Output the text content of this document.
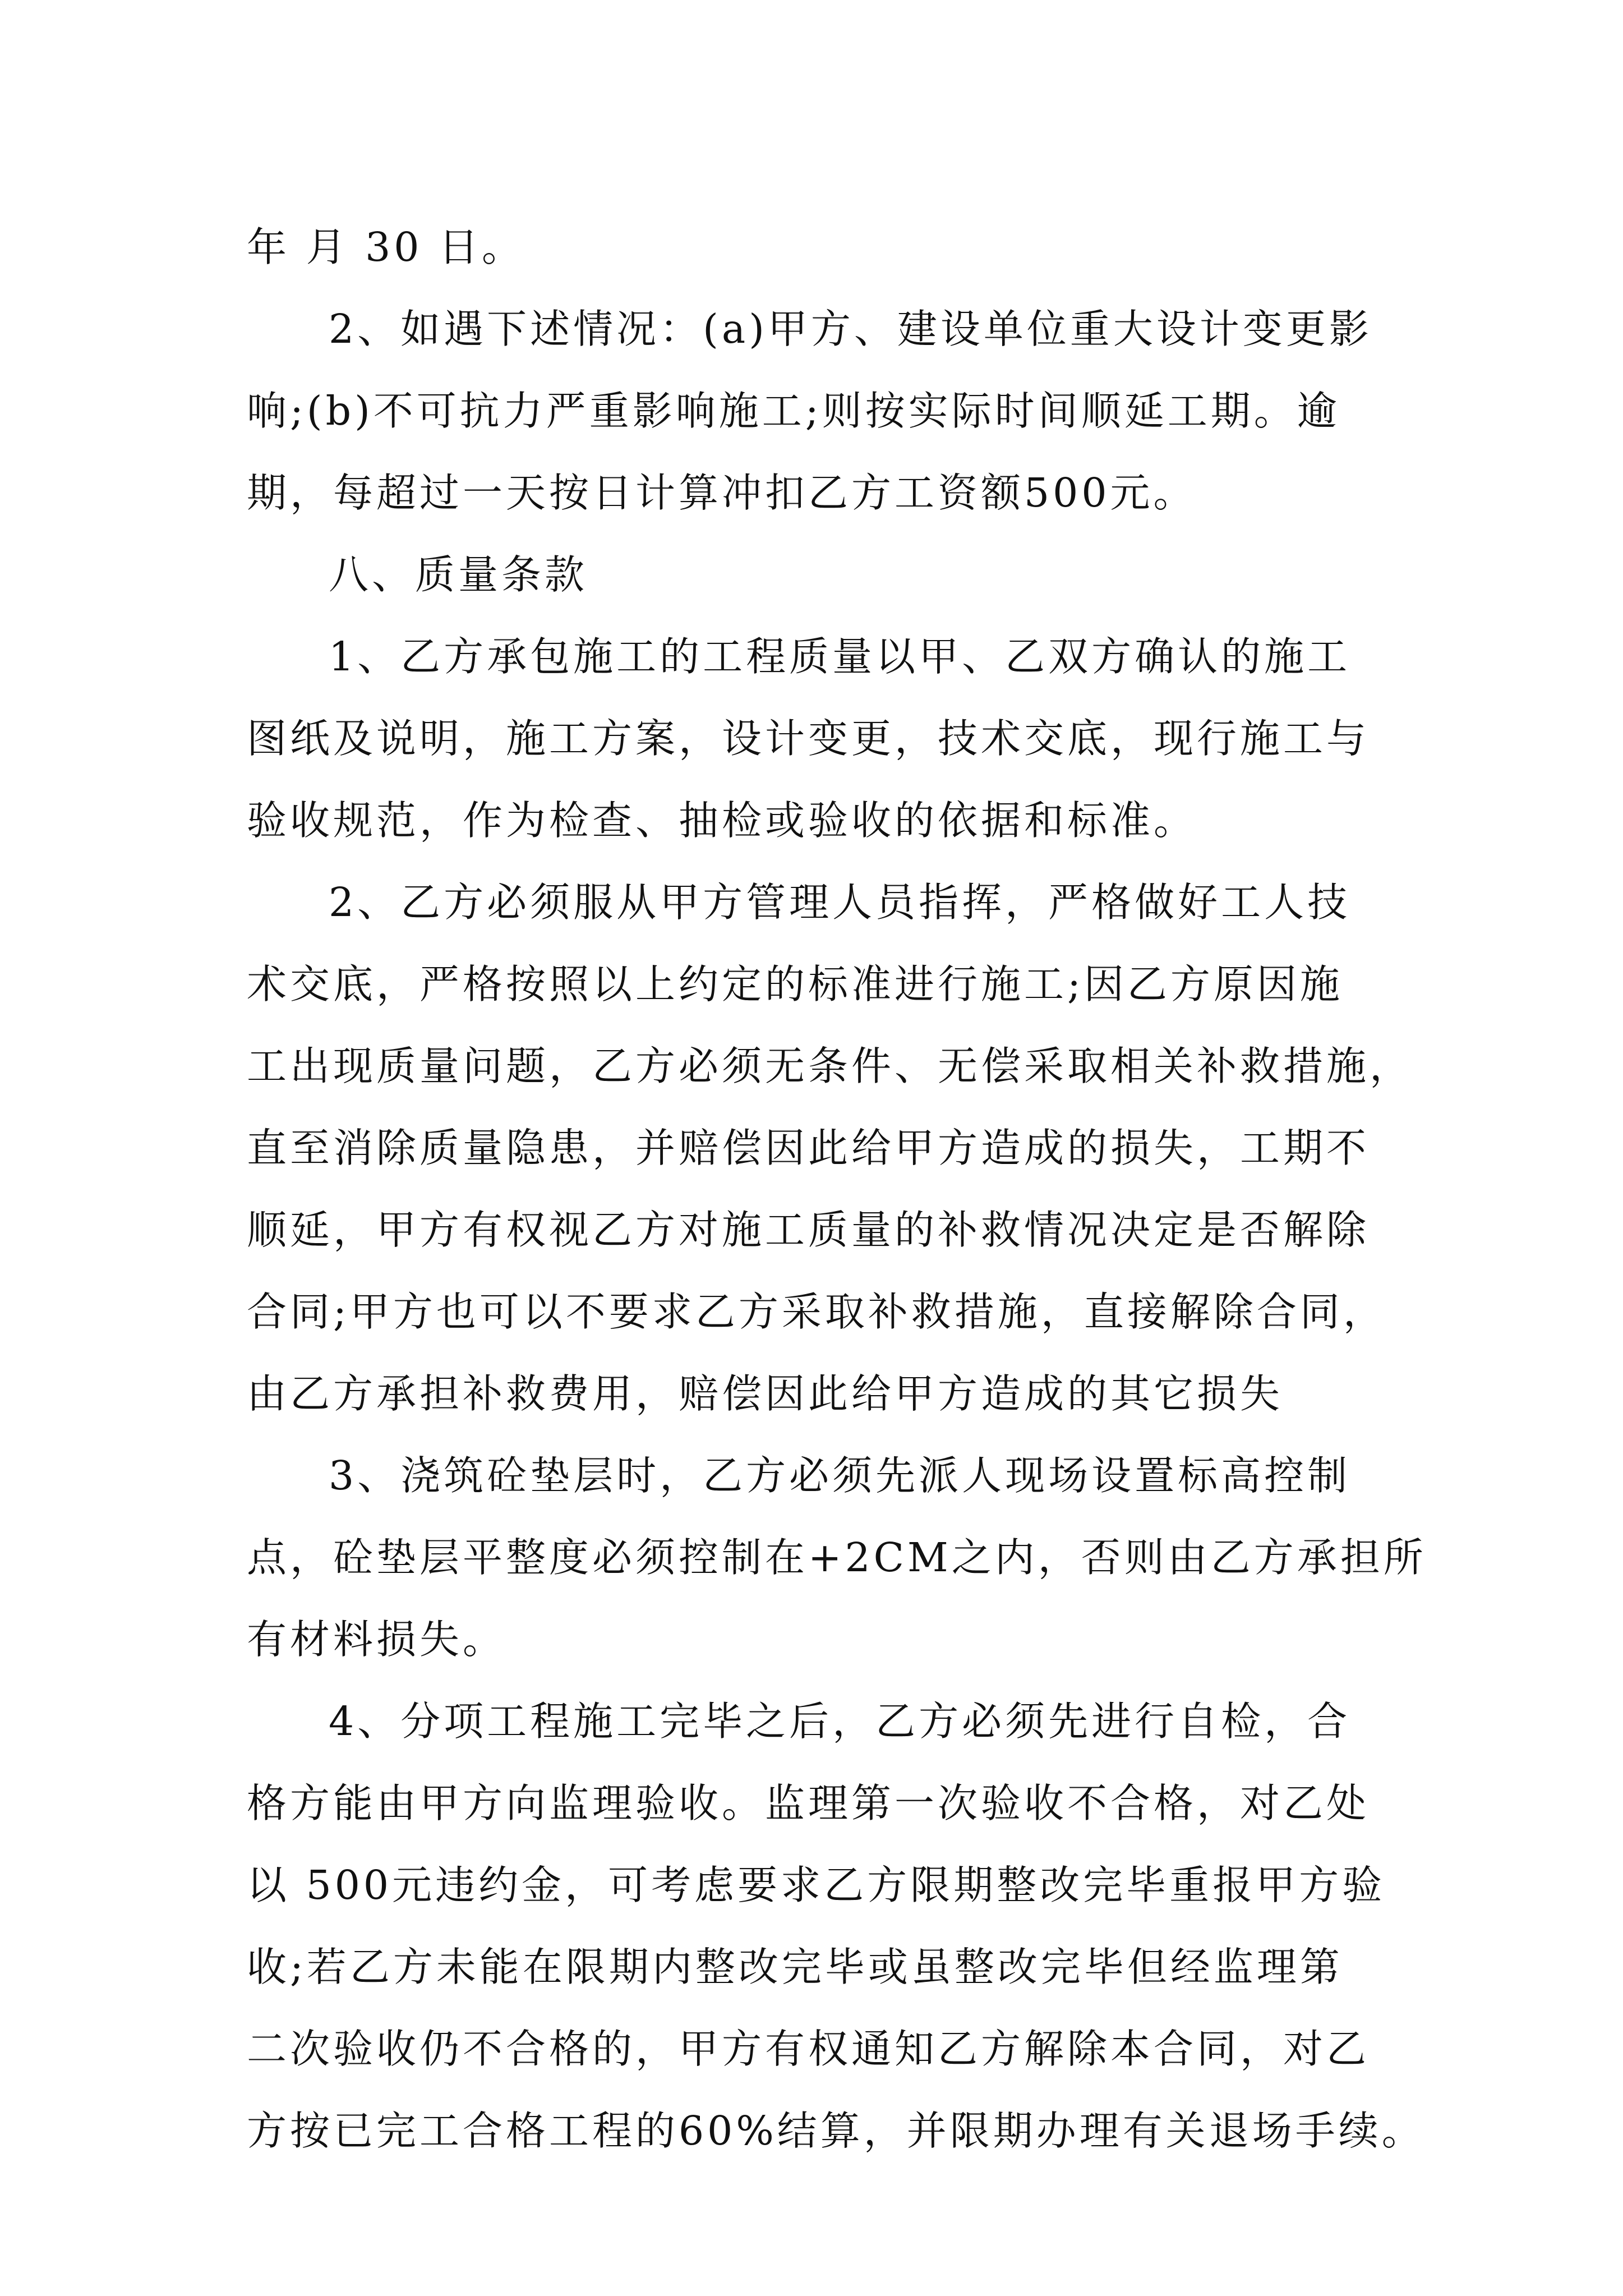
年 月 30 日。
2、如遇下述情况：(a)甲方、建设单位重大设计变更影
响;(b)不可抗力严重影响施工;则按实际时间顺延工期。逾
期，每超过一天按日计算冲扣乙方工资额500元。
八、质量条款
1、乙方承包施工的工程质量以甲、乙双方确认的施工
图纸及说明，施工方案，设计变更，技术交底，现行施工与
验收规范，作为检查、抽检或验收的依据和标准。
2、乙方必须服从甲方管理人员指挥，严格做好工人技
术交底，严格按照以上约定的标准进行施工;因乙方原因施
工出现质量问题，乙方必须无条件、无偿采取相关补救措施，
直至消除质量隐患，并赔偿因此给甲方造成的损失，工期不
顺延，甲方有权视乙方对施工质量的补救情况决定是否解除
合同;甲方也可以不要求乙方采取补救措施，直接解除合同，
由乙方承担补救费用，赔偿因此给甲方造成的其它损失
3、浇筑砼垫层时，乙方必须先派人现场设置标高控制
点，砼垫层平整度必须控制在+2CM之内，否则由乙方承担所
有材料损失。
4、分项工程施工完毕之后，乙方必须先进行自检，合
格方能由甲方向监理验收。监理第一次验收不合格，对乙处
以 500元违约金，可考虑要求乙方限期整改完毕重报甲方验
收;若乙方未能在限期内整改完毕或虽整改完毕但经监理第
二次验收仍不合格的，甲方有权通知乙方解除本合同，对乙
方按已完工合格工程的60%结算，并限期办理有关退场手续。
